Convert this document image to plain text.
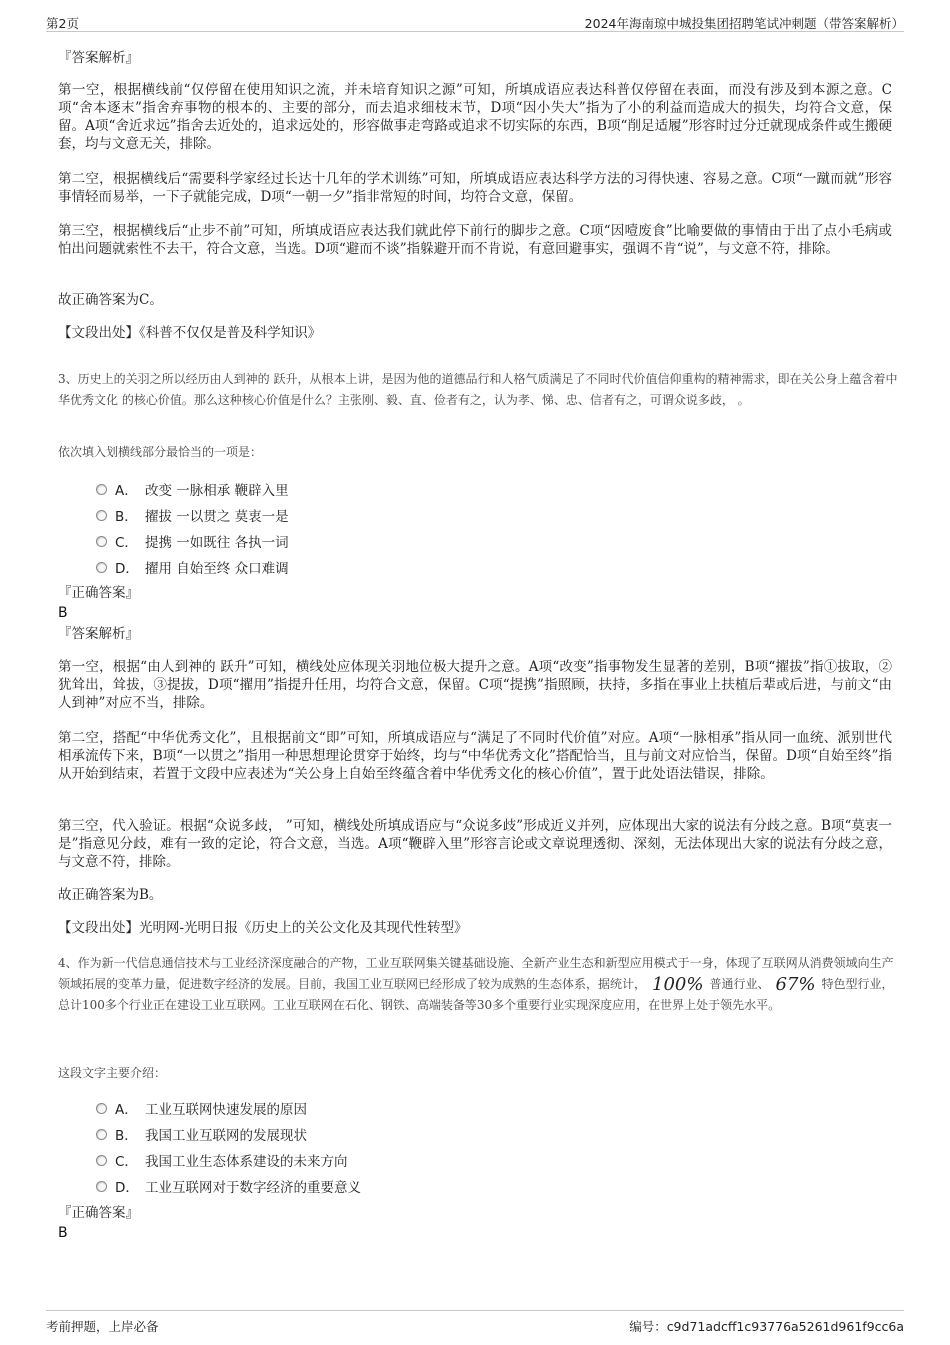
第2页	2024年海南琼中城投集团招聘笔试冲刺题（带答案解析）
『答案解析』
第一空，根据横线前“仅停留在使用知识之流，并未培育知识之源”可知，所填成语应表达科普仅停留在表面，而没有涉及到本源之意。C项“舍本逐末”指舍弃事物的根本的、主要的部分，而去追求细枝末节，D项“因小失大”指为了小的利益而造成大的损失，均符合文意，保留。A项“舍近求远”指舍去近处的，追求远处的，形容做事走弯路或追求不切实际的东西，B项“削足适履”形容时过分迁就现成条件或生搬硬套，均与文意无关，排除。
第二空，根据横线后“需要科学家经过长达十几年的学术训练”可知，所填成语应表达科学方法的习得快速、容易之意。C项“一蹴而就”形容事情轻而易举，一下子就能完成，D项“一朝一夕”指非常短的时间，均符合文意，保留。
第三空，根据横线后“止步不前”可知，所填成语应表达我们就此停下前行的脚步之意。C项“因噎废食”比喻要做的事情由于出了点小毛病或怕出问题就索性不去干，符合文意，当选。D项“避而不谈”指躲避开而不肯说，有意回避事实，强调不肯“说”，与文意不符，排除。
故正确答案为C。
【文段出处】《科普不仅仅是普及科学知识》
3、历史上的关羽之所以经历由人到神的 跃升，从根本上讲，是因为他的道德品行和人格气质满足了不同时代价值信仰重构的精神需求，即在关公身上蕴含着中华优秀文化 的核心价值。那么这种核心价值是什么？主张刚、毅、直、俭者有之，认为孝、悌、忠、信者有之，可谓众说多歧， 。
依次填入划横线部分最恰当的一项是：
A． 改变 一脉相承 鞭辟入里
B． 擢拔 一以贯之 莫衷一是
C． 提携 一如既往 各执一词
D． 擢用 自始至终 众口难调
『正确答案』
B
『答案解析』
第一空，根据“由人到神的 跃升”可知，横线处应体现关羽地位极大提升之意。A项“改变”指事物发生显著的差别，B项“擢拔”指①拔取，②犹耸出，耸拔，③提拔，D项“擢用”指提升任用，均符合文意，保留。C项“提携”指照顾，扶持，多指在事业上扶植后辈或后进，与前文“由人到神”对应不当，排除。
第二空，搭配“中华优秀文化”，且根据前文“即”可知，所填成语应与“满足了不同时代价值”对应。A项“一脉相承”指从同一血统、派别世代相承流传下来，B项“一以贯之”指用一种思想理论贯穿于始终，均与“中华优秀文化”搭配恰当，且与前文对应恰当，保留。D项“自始至终”指从开始到结束，若置于文段中应表述为“关公身上自始至终蕴含着中华优秀文化的核心价值”，置于此处语法错误，排除。
第三空，代入验证。根据“众说多歧， ”可知，横线处所填成语应与“众说多歧”形成近义并列，应体现出大家的说法有分歧之意。B项“莫衷一是”指意见分歧，难有一致的定论，符合文意，当选。A项“鞭辟入里”形容言论或文章说理透彻、深刻，无法体现出大家的说法有分歧之意，与文意不符，排除。
故正确答案为B。
【文段出处】光明网-光明日报《历史上的关公文化及其现代性转型》
4、作为新一代信息通信技术与工业经济深度融合的产物，工业互联网集关键基础设施、全新产业生态和新型应用模式于一身，体现了互联网从消费领域向生产领域拓展的变革力量，促进数字经济的发展。目前，我国工业互联网已经形成了较为成熟的生态体系，据统计， 100% 普通行业、 67% 特色型行业，总计100多个行业正在建设工业互联网。工业互联网在石化、钢铁、高端装备等30多个重要行业实现深度应用，在世界上处于领先水平。
这段文字主要介绍：
A． 工业互联网快速发展的原因
B． 我国工业互联网的发展现状
C． 我国工业生态体系建设的未来方向
D． 工业互联网对于数字经济的重要意义
『正确答案』
B
考前押题，上岸必备	编号：c9d71adcff1c93776a5261d961f9cc6a
